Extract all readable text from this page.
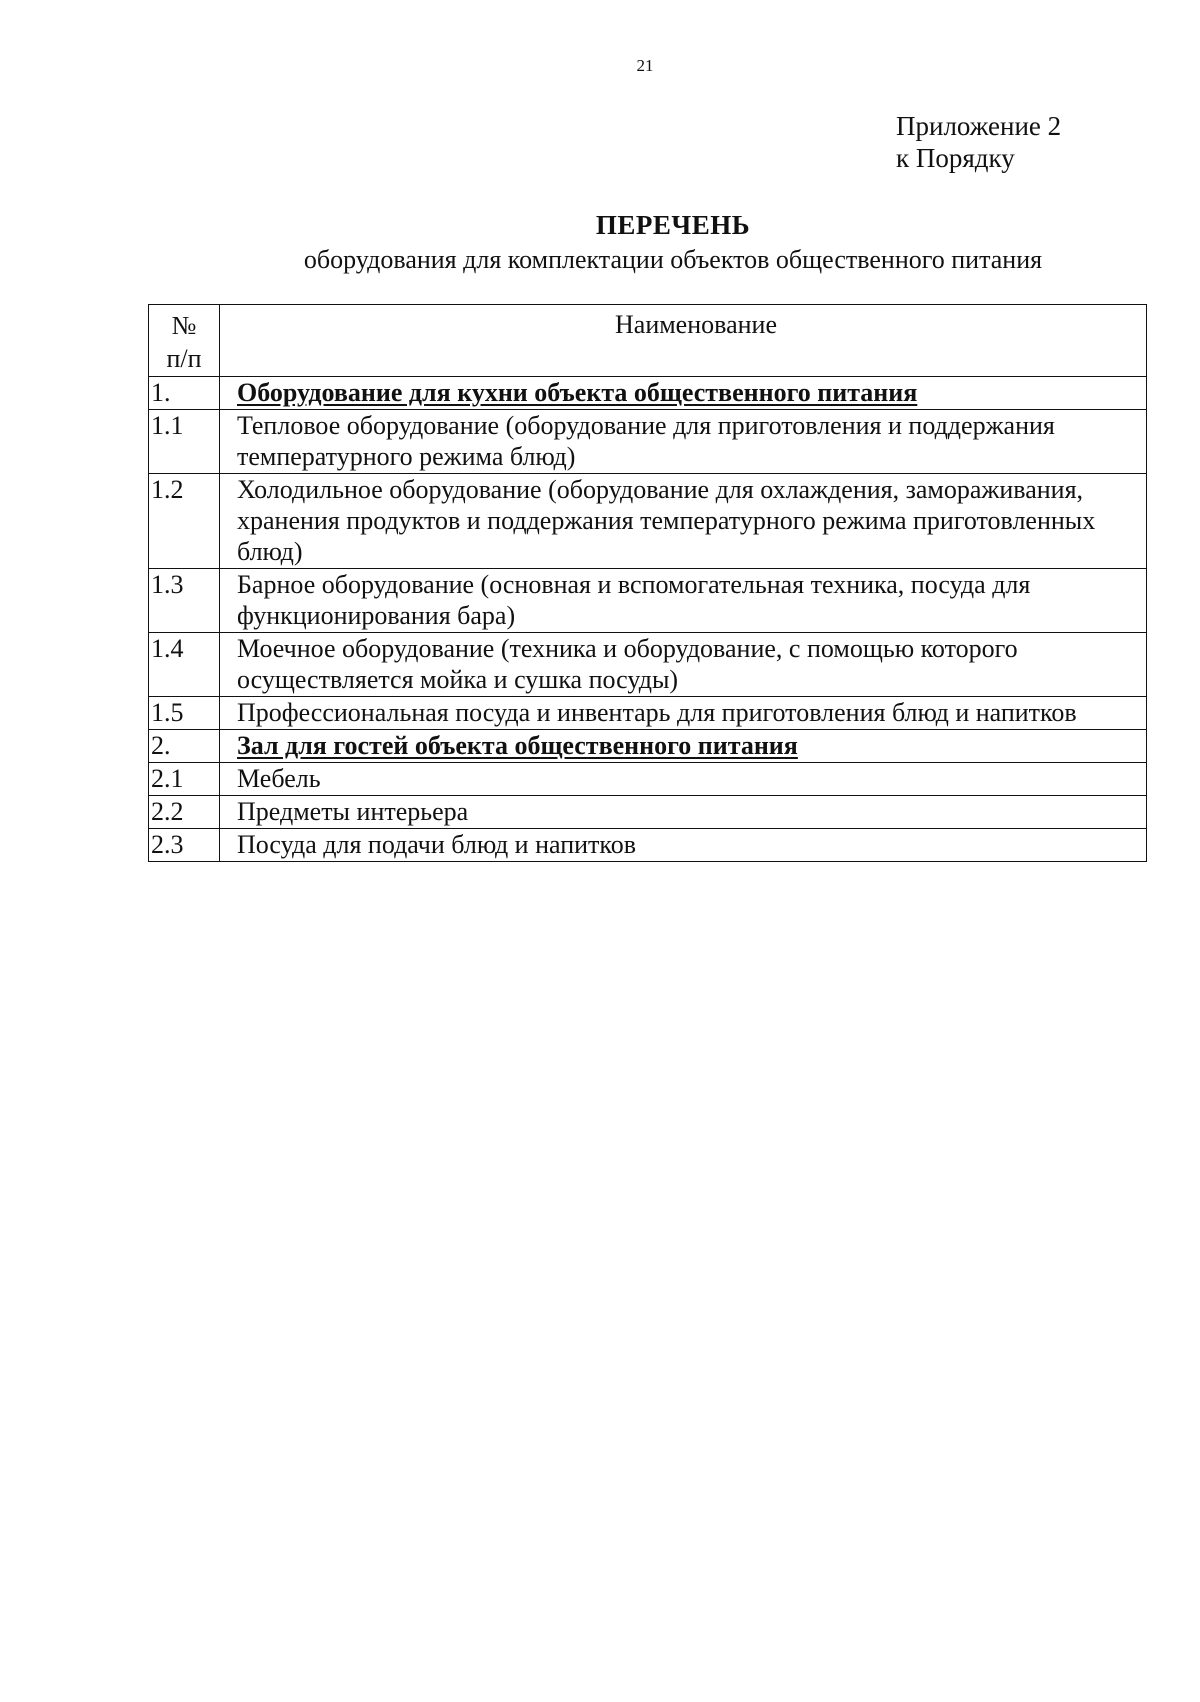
21
Приложение 2
к Порядку
ПЕРЕЧЕНЬ
оборудования для комплектации объектов общественного питания
№
п/п	Наименование
1.	Оборудование для кухни объекта общественного питания
1.1	Тепловое оборудование (оборудование для приготовления и поддержания температурного режима блюд)
1.2	Холодильное оборудование (оборудование для охлаждения, замораживания, хранения продуктов и поддержания температурного режима приготовленных блюд)
1.3	Барное оборудование (основная и вспомогательная техника, посуда для функционирования бара)
1.4	Моечное оборудование (техника и оборудование, с помощью которого осуществляется мойка и сушка посуды)
1.5	Профессиональная посуда и инвентарь для приготовления блюд и напитков
2.	Зал для гостей объекта общественного питания
2.1	Мебель
2.2	Предметы интерьера
2.3	Посуда для подачи блюд и напитков
